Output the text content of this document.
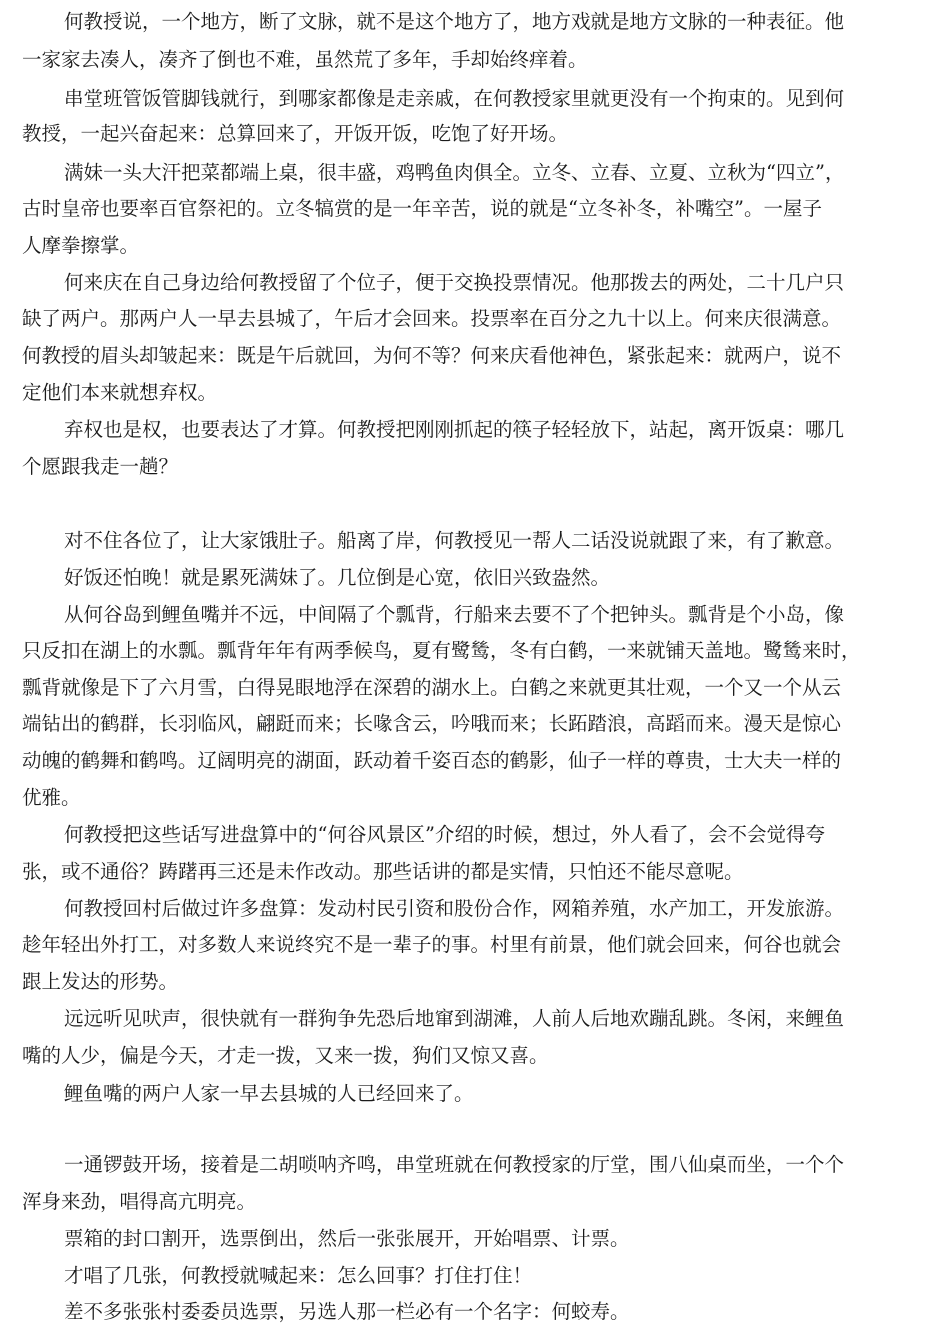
何教授说，一个地方，断了文脉，就不是这个地方了，地方戏就是地方文脉的一种表征。他
一家家去凑人，凑齐了倒也不难，虽然荒了多年，手却始终痒着。
串堂班管饭管脚钱就行，到哪家都像是走亲戚，在何教授家里就更没有一个拘束的。见到何
教授，一起兴奋起来：总算回来了，开饭开饭，吃饱了好开场。
满妹一头大汗把菜都端上桌，很丰盛，鸡鸭鱼肉俱全。立冬、立春、立夏、立秋为“四立”，
古时皇帝也要率百官祭祀的。立冬犒赏的是一年辛苦，说的就是“立冬补冬，补嘴空”。一屋子
人摩拳擦掌。
何来庆在自己身边给何教授留了个位子，便于交换投票情况。他那拨去的两处，二十几户只
缺了两户。那两户人一早去县城了，午后才会回来。投票率在百分之九十以上。何来庆很满意。
何教授的眉头却皱起来：既是午后就回，为何不等？何来庆看他神色，紧张起来：就两户，说不
定他们本来就想弃权。
弃权也是权，也要表达了才算。何教授把刚刚抓起的筷子轻轻放下，站起，离开饭桌：哪几
个愿跟我走一趟？
对不住各位了，让大家饿肚子。船离了岸，何教授见一帮人二话没说就跟了来，有了歉意。
好饭还怕晚！就是累死满妹了。几位倒是心宽，依旧兴致盎然。
从何谷岛到鲤鱼嘴并不远，中间隔了个瓢背，行船来去要不了个把钟头。瓢背是个小岛，像
只反扣在湖上的水瓢。瓢背年年有两季候鸟，夏有鹭鸶，冬有白鹤，一来就铺天盖地。鹭鸶来时，
瓢背就像是下了六月雪，白得晃眼地浮在深碧的湖水上。白鹤之来就更其壮观，一个又一个从云
端钻出的鹤群，长羽临风，翩跹而来；长喙含云，吟哦而来；长跖踏浪，高蹈而来。漫天是惊心
动魄的鹤舞和鹤鸣。辽阔明亮的湖面，跃动着千姿百态的鹤影，仙子一样的尊贵，士大夫一样的
优雅。
何教授把这些话写进盘算中的“何谷风景区”介绍的时候，想过，外人看了，会不会觉得夸
张，或不通俗？踌躇再三还是未作改动。那些话讲的都是实情，只怕还不能尽意呢。
何教授回村后做过许多盘算：发动村民引资和股份合作，网箱养殖，水产加工，开发旅游。
趁年轻出外打工，对多数人来说终究不是一辈子的事。村里有前景，他们就会回来，何谷也就会
跟上发达的形势。
远远听见吠声，很快就有一群狗争先恐后地窜到湖滩，人前人后地欢蹦乱跳。冬闲，来鲤鱼
嘴的人少，偏是今天，才走一拨，又来一拨，狗们又惊又喜。
鲤鱼嘴的两户人家一早去县城的人已经回来了。
一通锣鼓开场，接着是二胡唢呐齐鸣，串堂班就在何教授家的厅堂，围八仙桌而坐，一个个
浑身来劲，唱得高亢明亮。
票箱的封口割开，选票倒出，然后一张张展开，开始唱票、计票。
才唱了几张，何教授就喊起来：怎么回事？打住打住！
差不多张张村委委员选票，另选人那一栏必有一个名字：何蛟寿。
